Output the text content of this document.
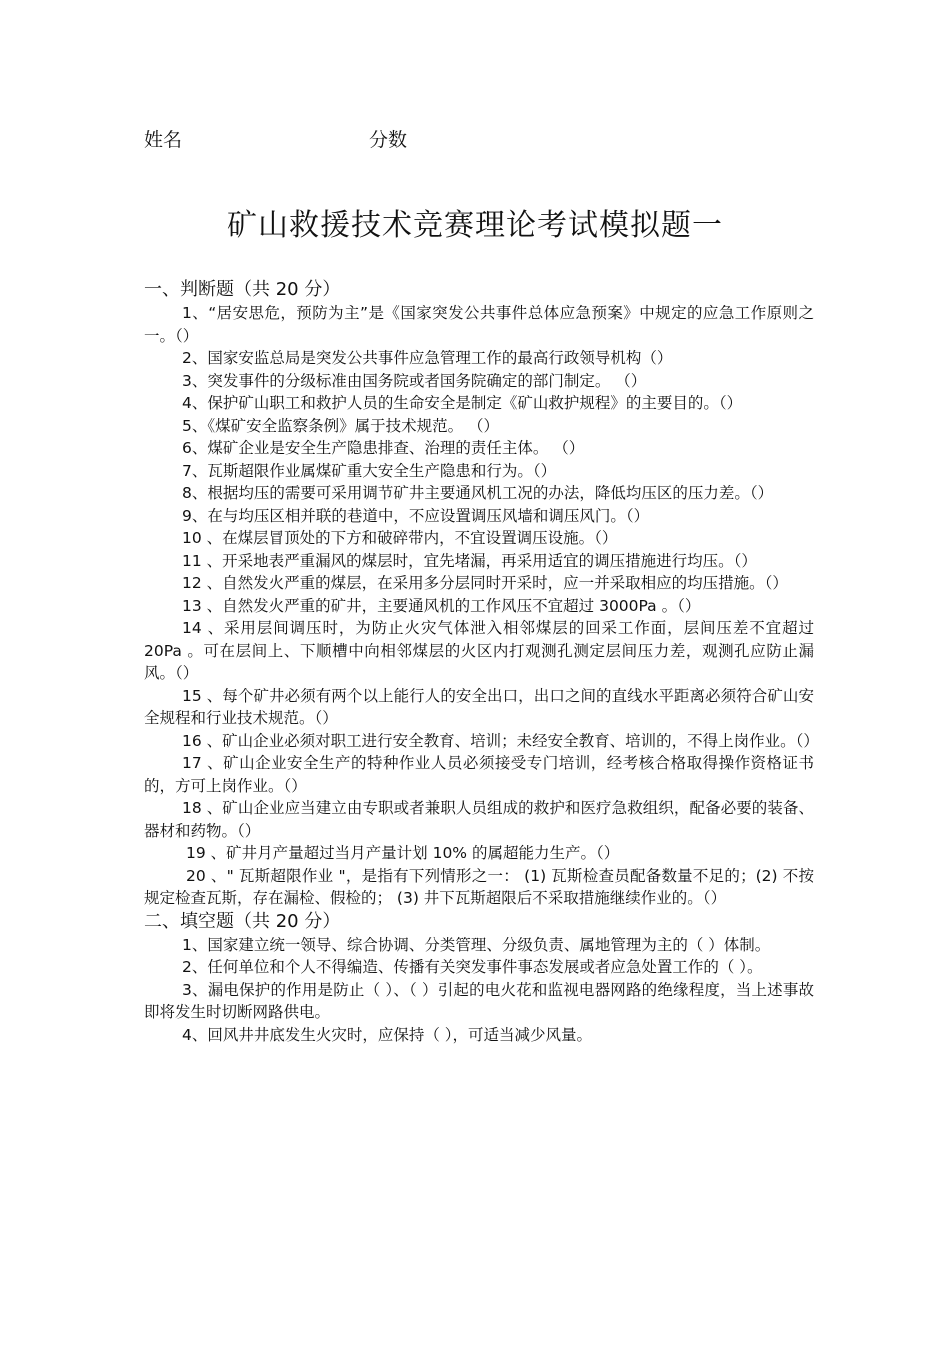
姓名	分数
矿山救援技术竞赛理论考试模拟题一
一、判断题（共 20 分）

1、“居安思危，预防为主”是《国家突发公共事件总体应急预案》中规定的应急工作原则之一。（）

2、国家安监总局是突发公共事件应急管理工作的最高行政领导机构（）

3、突发事件的分级标准由国务院或者国务院确定的部门制定。 （）

4、保护矿山职工和救护人员的生命安全是制定《矿山救护规程》的主要目的。（）

5、《煤矿安全监察条例》属于技术规范。 （）

6、煤矿企业是安全生产隐患排查、治理的责任主体。 （）

7、瓦斯超限作业属煤矿重大安全生产隐患和行为。（）

8、根据均压的需要可采用调节矿井主要通风机工况的办法，降低均压区的压力差。（）

9、在与均压区相并联的巷道中，不应设置调压风墙和调压风门。（）

10 、在煤层冒顶处的下方和破碎带内，不宜设置调压设施。（）

11 、开采地表严重漏风的煤层时，宜先堵漏，再采用适宜的调压措施进行均压。（）

12 、自然发火严重的煤层，在采用多分层同时开采时，应一并采取相应的均压措施。（）

13 、自然发火严重的矿井，主要通风机的工作风压不宜超过 3000Pa 。（）

14 、采用层间调压时，为防止火灾气体泄入相邻煤层的回采工作面，层间压差不宜超过 20Pa 。可在层间上、下顺槽中向相邻煤层的火区内打观测孔测定层间压力差，观测孔应防止漏风。（）

15 、每个矿井必须有两个以上能行人的安全出口，出口之间的直线水平距离必须符合矿山安全规程和行业技术规范。（）

16 、矿山企业必须对职工进行安全教育、培训；未经安全教育、培训的，不得上岗作业。（）

17 、矿山企业安全生产的特种作业人员必须接受专门培训，经考核合格取得操作资格证书的，方可上岗作业。（）

18 、矿山企业应当建立由专职或者兼职人员组成的救护和医疗急救组织，配备必要的装备、器材和药物。（）

19 、矿井月产量超过当月产量计划 10% 的属超能力生产。（）

20 、" 瓦斯超限作业 "，是指有下列情形之一： (1) 瓦斯检查员配备数量不足的；(2) 不按规定检查瓦斯，存在漏检、假检的； (3) 井下瓦斯超限后不采取措施继续作业的。（）

二、填空题（共 20 分）

1、国家建立统一领导、综合协调、分类管理、分级负责、属地管理为主的（ ）体制。

2、任何单位和个人不得编造、传播有关突发事件事态发展或者应急处置工作的（ ）。

3、漏电保护的作用是防止（ ）、（ ）引起的电火花和监视电器网路的绝缘程度，当上述事故即将发生时切断网路供电。

4、回风井井底发生火灾时，应保持（ ），可适当减少风量。
